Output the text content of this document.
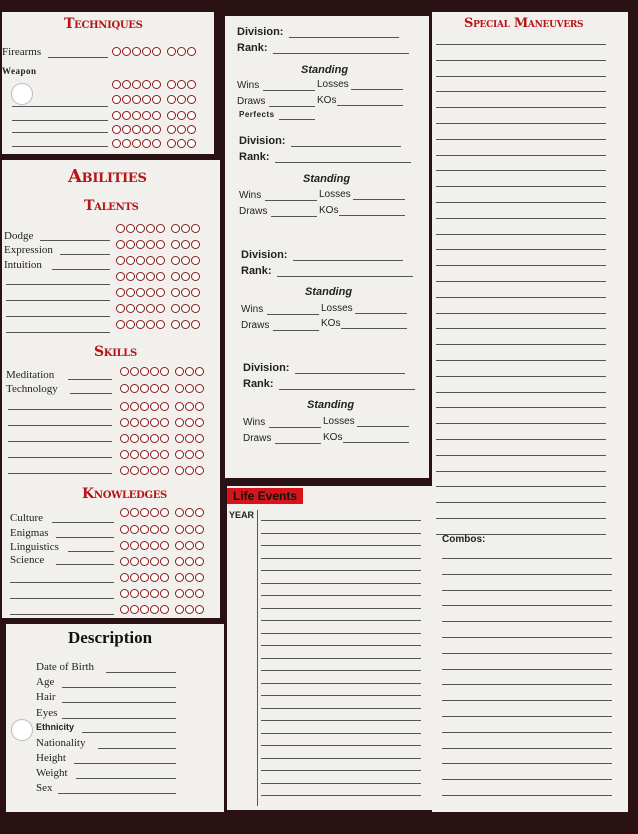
Techniques
Firearms
Weapon
Abilities
Talents
Dodge
Expression
Intuition
Skills
Meditation
Technology
Knowledges
Culture
Enigmas
Linguistics
Science
Description
Date of Birth
Age
Hair
Eyes
Ethnicity
Nationality
Height
Weight
Sex
Division:
Rank:
Standing
Wins	Losses
Draws	KOs
Perfects
Division:
Rank:
Standing
Wins	Losses
Draws	KOs
Division:
Rank:
Standing
Wins	Losses
Draws	KOs
Division:
Rank:
Standing
Wins	Losses
Draws	KOs
Life Events
YEAR
Special Maneuvers
Combos:
